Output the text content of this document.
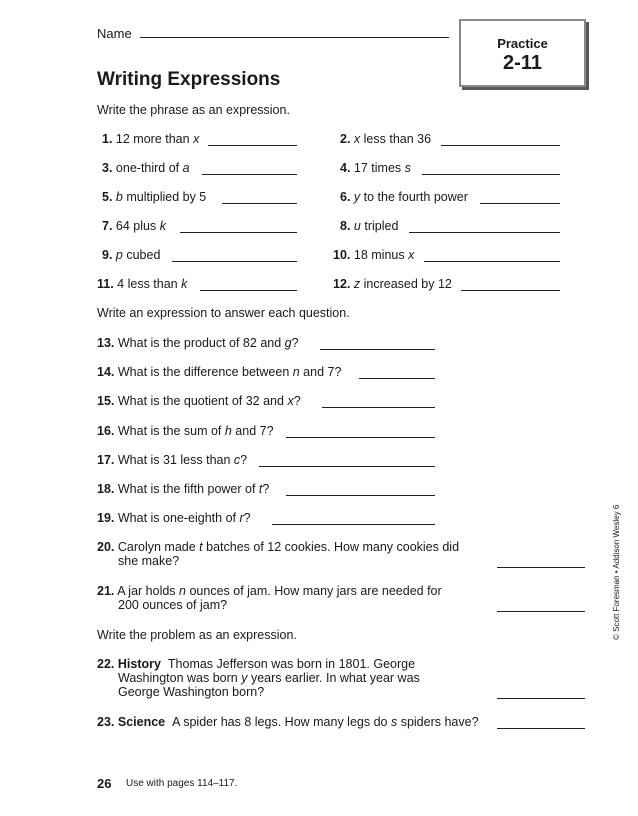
Name
Practice
2-11
Writing Expressions
Write the phrase as an expression.
1. 12 more than x	2. x less than 36
3. one-third of a	4. 17 times s
5. b multiplied by 5	6. y to the fourth power
7. 64 plus k	8. u tripled
9. p cubed	10. 18 minus x
11. 4 less than k	12. z increased by 12
Write an expression to answer each question.
13. What is the product of 82 and g?
14. What is the difference between n and 7?
15. What is the quotient of 32 and x?
16. What is the sum of h and 7?
17. What is 31 less than c?
18. What is the fifth power of t?
19. What is one-eighth of r?
20. Carolyn made t batches of 12 cookies. How many cookies did
she make?
21. A jar holds n ounces of jam. How many jars are needed for
200 ounces of jam?
Write the problem as an expression.
22. History Thomas Jefferson was born in 1801. George
Washington was born y years earlier. In what year was
George Washington born?
23. Science A spider has 8 legs. How many legs do s spiders have?
26 Use with pages 114–117.
© Scott Foresman • Addison Wesley 6
